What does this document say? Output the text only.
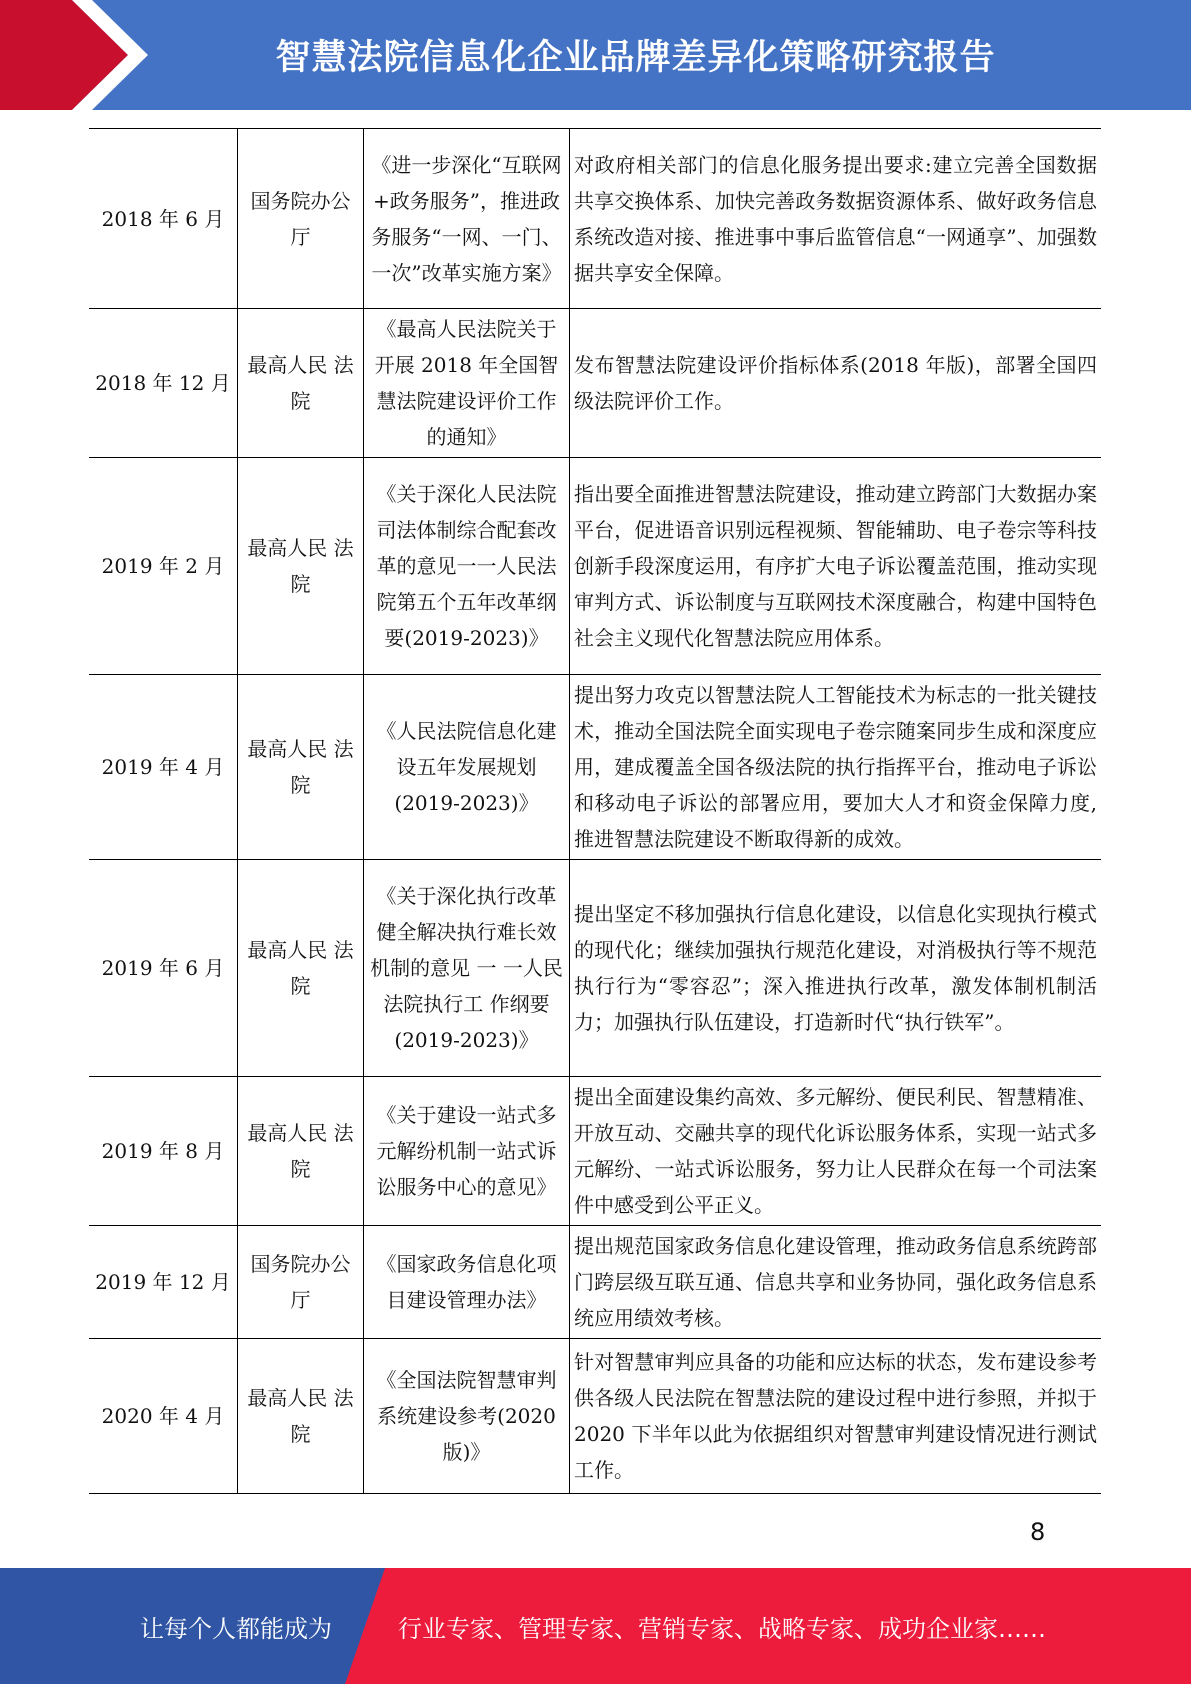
智慧法院信息化企业品牌差异化策略研究报告
2018 年 6 月	国务院办公厅	《进一步深化“互联网+政务服务”，推进政务服务“一网、一门、一次”改革实施方案》	对政府相关部门的信息化服务提出要求:建立完善全国数据共享交换体系、加快完善政务数据资源体系、做好政务信息系统改造对接、推进事中事后监管信息“一网通享”、加强数据共享安全保障。
2018 年 12 月	最高人民 法院	《最高人民法院关于开展 2018 年全国智慧法院建设评价工作的通知》	发布智慧法院建设评价指标体系(2018 年版)，部署全国四级法院评价工作。
2019 年 2 月	最高人民 法院	《关于深化人民法院司法体制综合配套改革的意见一一人民法院第五个五年改革纲要(2019-2023)》	指出要全面推进智慧法院建设，推动建立跨部门大数据办案平台，促进语音识别远程视频、智能辅助、电子卷宗等科技创新手段深度运用，有序扩大电子诉讼覆盖范围，推动实现审判方式、诉讼制度与互联网技术深度融合，构建中国特色社会主义现代化智慧法院应用体系。
2019 年 4 月	最高人民 法院	《人民法院信息化建设五年发展规划(2019-2023)》	提出努力攻克以智慧法院人工智能技术为标志的一批关键技术，推动全国法院全面实现电子卷宗随案同步生成和深度应用，建成覆盖全国各级法院的执行指挥平台，推动电子诉讼和移动电子诉讼的部署应用，要加大人才和资金保障力度,推进智慧法院建设不断取得新的成效。
2019 年 6 月	最高人民 法院	《关于深化执行改革健全解决执行难长效机制的意见 一 一人民法院执行工 作纲要(2019-2023)》	提出坚定不移加强执行信息化建设，以信息化实现执行模式的现代化；继续加强执行规范化建设，对消极执行等不规范执行行为“零容忍”；深入推进执行改革，激发体制机制活力；加强执行队伍建设，打造新时代“执行铁军”。
2019 年 8 月	最高人民 法院	《关于建设一站式多元解纷机制一站式诉讼服务中心的意见》	提出全面建设集约高效、多元解纷、便民利民、智慧精准、开放互动、交融共享的现代化诉讼服务体系，实现一站式多元解纷、一站式诉讼服务，努力让人民群众在每一个司法案件中感受到公平正义。
2019 年 12 月	国务院办公厅	《国家政务信息化项目建设管理办法》	提出规范国家政务信息化建设管理，推动政务信息系统跨部门跨层级互联互通、信息共享和业务协同，强化政务信息系统应用绩效考核。
2020 年 4 月	最高人民 法院	《全国法院智慧审判系统建设参考(2020 版)》	针对智慧审判应具备的功能和应达标的状态，发布建设参考供各级人民法院在智慧法院的建设过程中进行参照，并拟于 2020 下半年以此为依据组织对智慧审判建设情况进行测试工作。
8
让每个人都能成为	行业专家、管理专家、营销专家、战略专家、成功企业家……
